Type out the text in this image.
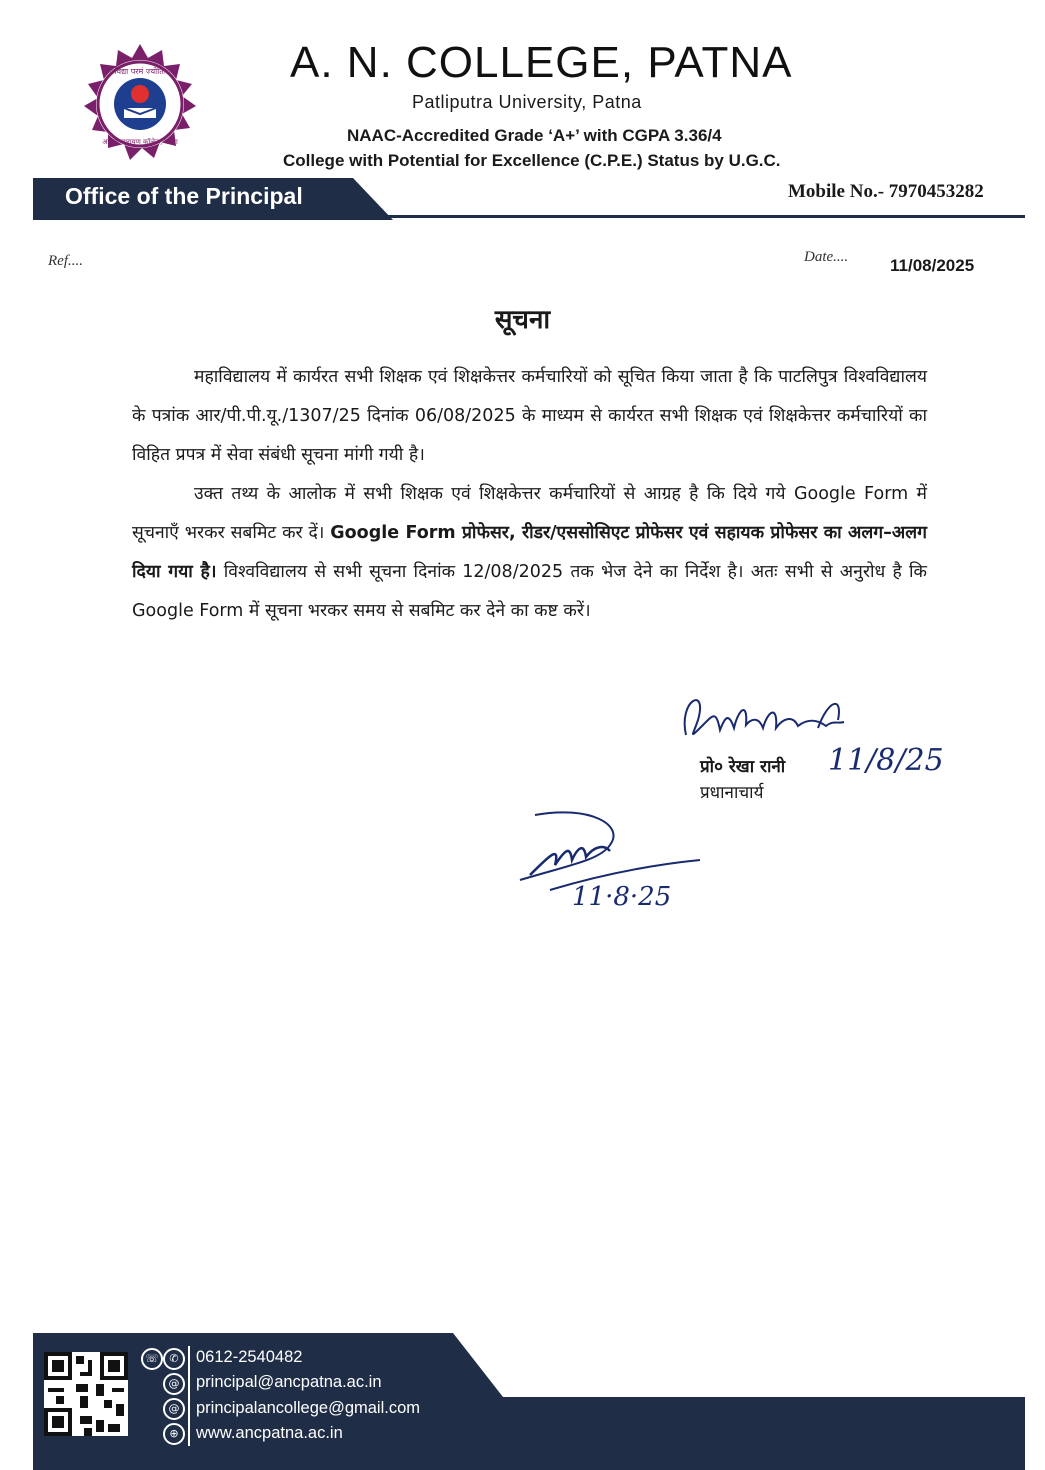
विद्या परमं ज्योतिः
अनुग्रह नारायण कॉलेज, पटना
A. N. COLLEGE, PATNA
Patliputra University, Patna
NAAC-Accredited Grade ‘A+’ with CGPA 3.36/4
College with Potential for Excellence (C.P.E.) Status by U.G.C.
Office of the Principal	Mobile No.- 7970453282
Ref....	Date.... 11/08/2025
सूचना

महाविद्यालय में कार्यरत सभी शिक्षक एवं शिक्षकेत्तर कर्मचारियों को सूचित किया जाता है कि पाटलिपुत्र विश्वविद्यालय के पत्रांक आर/पी.पी.यू./1307/25 दिनांक 06/08/2025 के माध्यम से कार्यरत सभी शिक्षक एवं शिक्षकेत्तर कर्मचारियों का विहित प्रपत्र में सेवा संबंधी सूचना मांगी गयी है।

उक्त तथ्य के आलोक में सभी शिक्षक एवं शिक्षकेत्तर कर्मचारियों से आग्रह है कि दिये गये Google Form में सूचनाएँ भरकर सबमिट कर दें। Google Form प्रोफेसर, रीडर/एससोसिएट प्रोफेसर एवं सहायक प्रोफेसर का अलग–अलग दिया गया है। विश्वविद्यालय से सभी सूचना दिनांक 12/08/2025 तक भेज देने का निर्देश है। अतः सभी से अनुरोध है कि Google Form में सूचना भरकर समय से सबमिट कर देने का कष्ट करें।

11/8/25
प्रो० रेखा रानी
प्रधानाचार्य
11·8·25
☏ ✆
@
@
⊕
0612-2540482
principal@ancpatna.ac.in
principalancollege@gmail.com
www.ancpatna.ac.in
